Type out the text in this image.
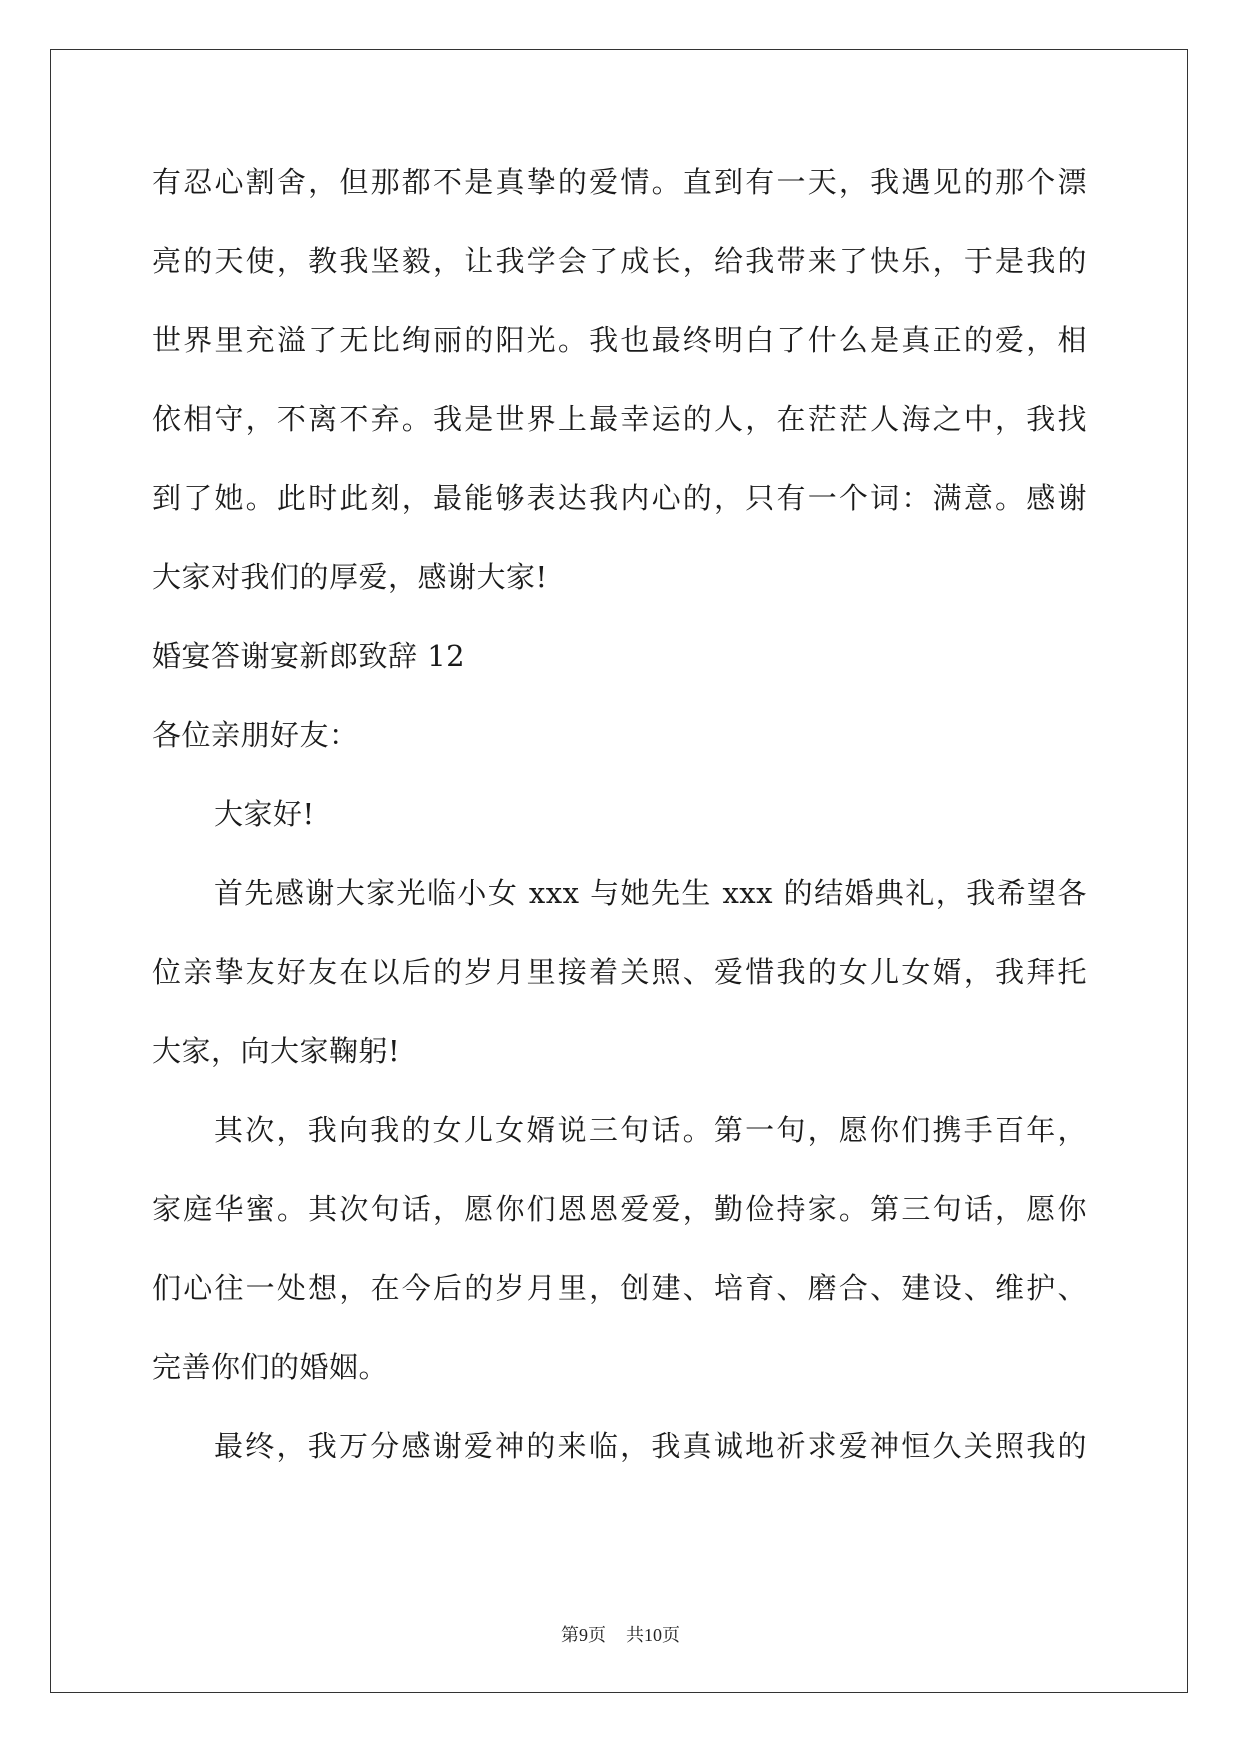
有忍心割舍，但那都不是真挚的爱情。直到有一天，我遇见的那个漂
亮的天使，教我坚毅，让我学会了成长，给我带来了快乐，于是我的
世界里充溢了无比绚丽的阳光。我也最终明白了什么是真正的爱，相
依相守，不离不弃。我是世界上最幸运的人，在茫茫人海之中，我找
到了她。此时此刻，最能够表达我内心的，只有一个词：满意。感谢
大家对我们的厚爱，感谢大家!
婚宴答谢宴新郎致辞 12
各位亲朋好友：
大家好!
首先感谢大家光临小女 xxx 与她先生 xxx 的结婚典礼，我希望各
位亲挚友好友在以后的岁月里接着关照、爱惜我的女儿女婿，我拜托
大家，向大家鞠躬!
其次，我向我的女儿女婿说三句话。第一句，愿你们携手百年，
家庭华蜜。其次句话，愿你们恩恩爱爱，勤俭持家。第三句话，愿你
们心往一处想，在今后的岁月里，创建、培育、磨合、建设、维护、
完善你们的婚姻。
最终，我万分感谢爱神的来临，我真诚地祈求爱神恒久关照我的
第9页 共10页
